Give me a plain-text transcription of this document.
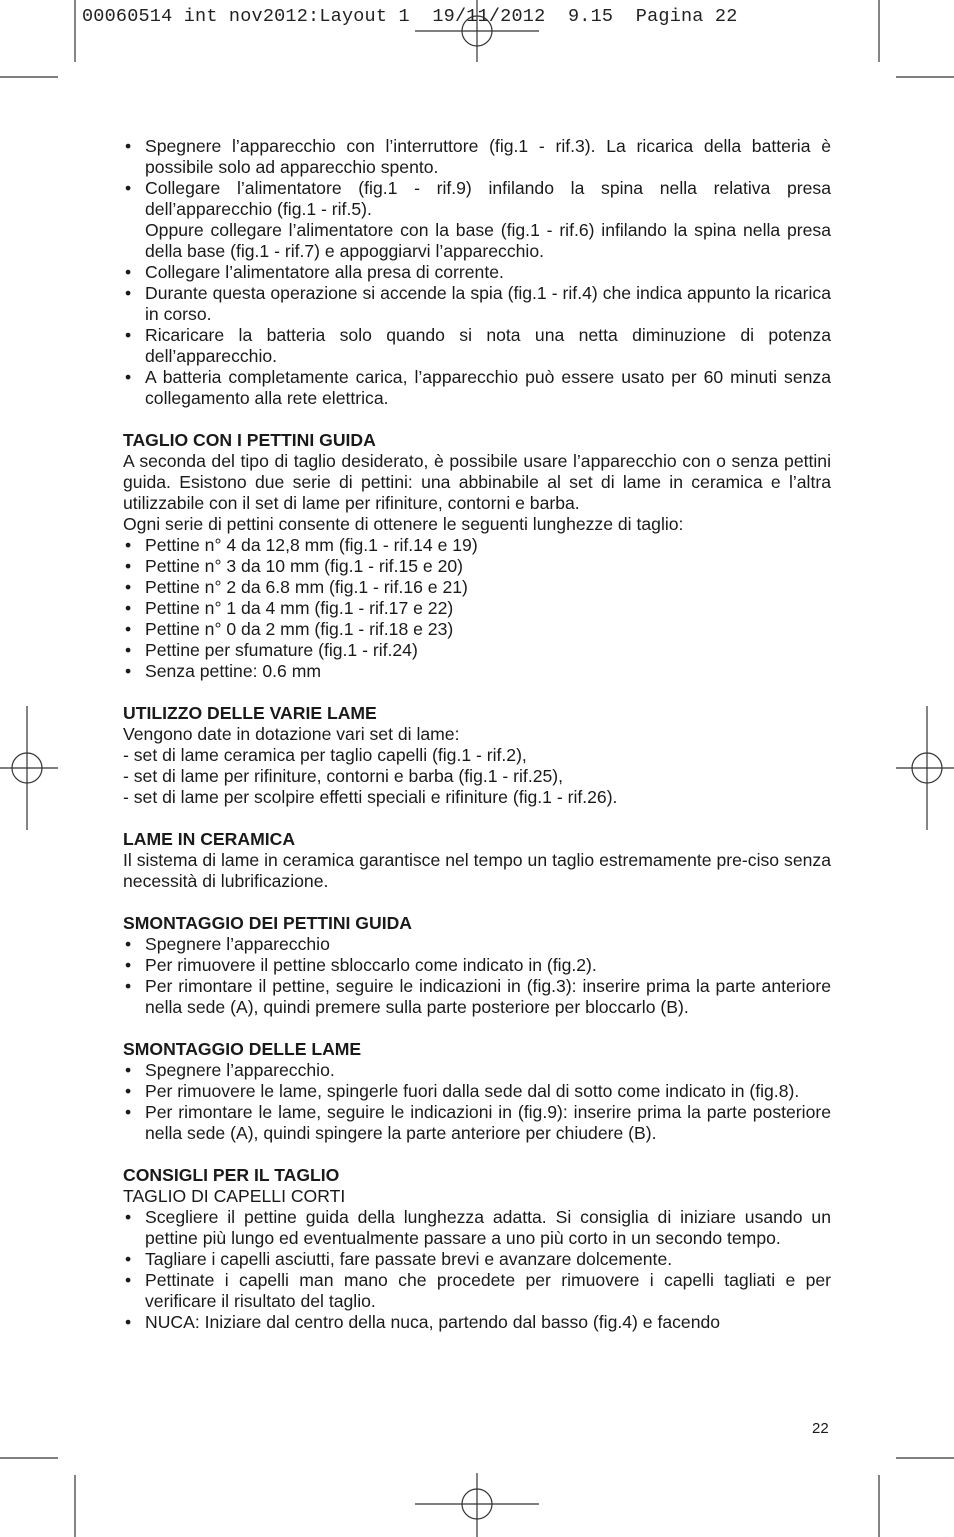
00060514 int nov2012:Layout 1  19/11/2012  9.15  Pagina 22
• Spegnere l’apparecchio con l’interruttore (fig.1 - rif.3). La ricarica della batteria è possibile solo ad apparecchio spento.
• Collegare l’alimentatore (fig.1 - rif.9) infilando la spina nella relativa presa dell’apparecchio (fig.1 - rif.5).
Oppure collegare l’alimentatore con la base (fig.1 - rif.6) infilando la spina nella presa della base (fig.1 - rif.7) e appoggiarvi l’apparecchio.
• Collegare l’alimentatore alla presa di corrente.
• Durante questa operazione si accende la spia (fig.1 - rif.4) che indica appunto la ricarica in corso.
• Ricaricare la batteria solo quando si nota una netta diminuzione di potenza dell’apparecchio.
• A batteria completamente carica, l’apparecchio può essere usato per 60 minuti senza collegamento alla rete elettrica.
TAGLIO CON I PETTINI GUIDA
A seconda del tipo di taglio desiderato, è possibile usare l’apparecchio con o senza pettini guida. Esistono due serie di pettini: una abbinabile al set di lame in ceramica e l’altra utilizzabile con il set di lame per rifiniture, contorni e barba.
Ogni serie di pettini consente di ottenere le seguenti lunghezze di taglio:
• Pettine n° 4 da 12,8 mm (fig.1 - rif.14 e 19)
• Pettine n° 3 da 10 mm (fig.1 - rif.15 e 20)
• Pettine n° 2 da 6.8 mm (fig.1 - rif.16 e 21)
• Pettine n° 1 da 4 mm (fig.1 - rif.17 e 22)
• Pettine n° 0 da 2 mm (fig.1 - rif.18 e 23)
• Pettine per sfumature (fig.1 - rif.24)
• Senza pettine: 0.6 mm
UTILIZZO DELLE VARIE LAME
Vengono date in dotazione vari set di lame:
- set di lame ceramica per taglio capelli (fig.1 - rif.2),
- set di lame per rifiniture, contorni e barba (fig.1 - rif.25),
- set di lame per scolpire effetti speciali e rifiniture (fig.1 - rif.26).
LAME IN CERAMICA
Il sistema di lame in ceramica garantisce nel tempo un taglio estremamente pre-ciso senza necessità di lubrificazione.
SMONTAGGIO DEI PETTINI GUIDA
• Spegnere l’apparecchio
• Per rimuovere il pettine sbloccarlo come indicato in (fig.2).
• Per rimontare il pettine, seguire le indicazioni in (fig.3): inserire prima la parte anteriore nella sede (A), quindi premere sulla parte posteriore per bloccarlo (B).
SMONTAGGIO DELLE LAME
• Spegnere l’apparecchio.
• Per rimuovere le lame, spingerle fuori dalla sede dal di sotto come indicato in (fig.8).
• Per rimontare le lame, seguire le indicazioni in (fig.9): inserire prima la parte posteriore nella sede (A), quindi spingere la parte anteriore per chiudere (B).
CONSIGLI PER IL TAGLIO
TAGLIO DI CAPELLI CORTI
• Scegliere il pettine guida della lunghezza adatta. Si consiglia di iniziare usando un pettine più lungo ed eventualmente passare a uno più corto in un secondo tempo.
• Tagliare i capelli asciutti, fare passate brevi e avanzare dolcemente.
• Pettinate i capelli man mano che procedete per rimuovere i capelli tagliati e per verificare il risultato del taglio.
• NUCA: Iniziare dal centro della nuca, partendo dal basso (fig.4) e facendo
22
